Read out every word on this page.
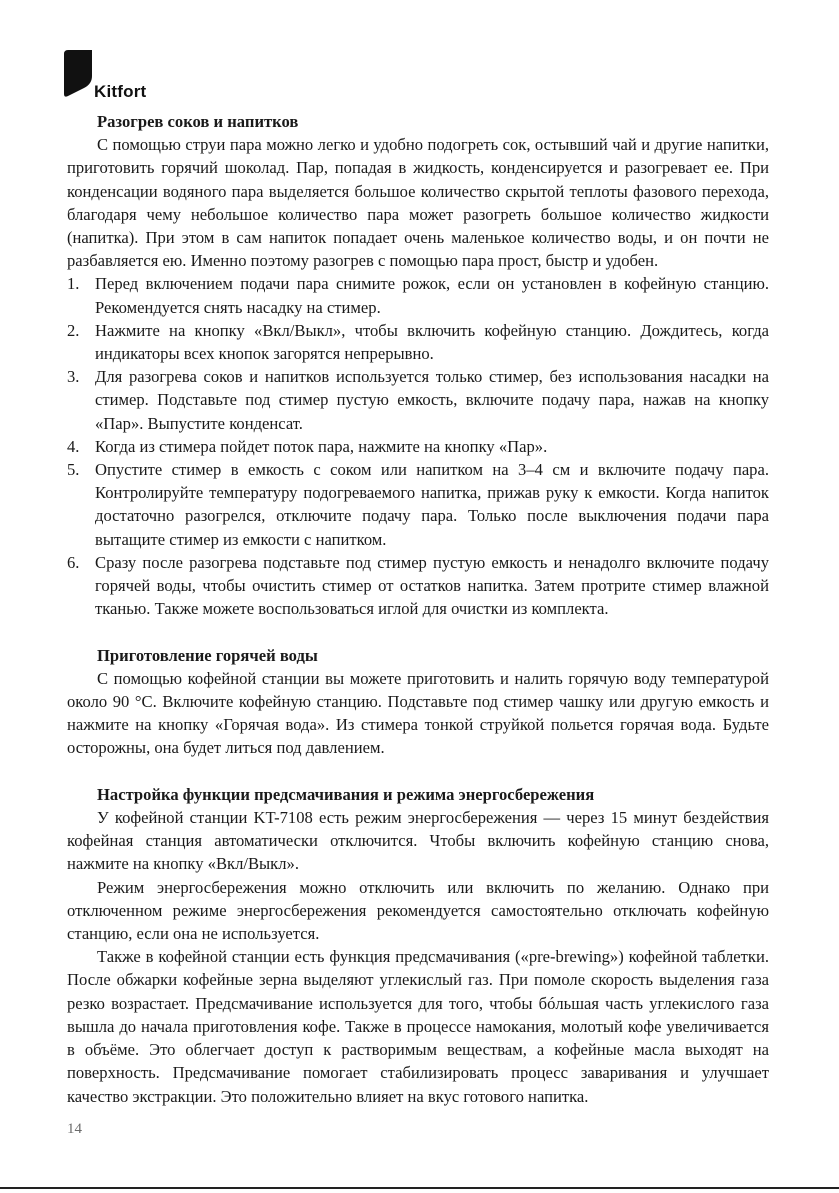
Kitfort
Разогрев соков и напитков

С помощью струи пара можно легко и удобно подогреть сок, остывший чай и другие напитки, приготовить горячий шоколад. Пар, попадая в жидкость, конденсируется и разогревает ее. При конденсации водяного пара выделяется большое количество скрытой теплоты фазового перехода, благодаря чему небольшое количество пара может разогреть большое количество жидкости (напитка). При этом в сам напиток попадает очень маленькое количество воды, и он почти не разбавляется ею. Именно поэтому разогрев с помощью пара прост, быстр и удобен.

1. Перед включением подачи пара снимите рожок, если он установлен в кофейную станцию. Рекомендуется снять насадку на стимер.
2. Нажмите на кнопку «Вкл/Выкл», чтобы включить кофейную станцию. Дождитесь, когда индикаторы всех кнопок загорятся непрерывно.
3. Для разогрева соков и напитков используется только стимер, без использования насадки на стимер. Подставьте под стимер пустую емкость, включите подачу пара, нажав на кнопку «Пар». Выпустите конденсат.
4. Когда из стимера пойдет поток пара, нажмите на кнопку «Пар».
5. Опустите стимер в емкость с соком или напитком на 3–4 см и включите подачу пара. Контролируйте температуру подогреваемого напитка, прижав руку к емкости. Когда напиток достаточно разогрелся, отключите подачу пара. Только после выключения подачи пара вытащите стимер из емкости с напитком.
6. Сразу после разогрева подставьте под стимер пустую емкость и ненадолго включите подачу горячей воды, чтобы очистить стимер от остатков напитка. Затем протрите стимер влажной тканью. Также можете воспользоваться иглой для очистки из комплекта.
Приготовление горячей воды

С помощью кофейной станции вы можете приготовить и налить горячую воду температурой около 90 °С. Включите кофейную станцию. Подставьте под стимер чашку или другую емкость и нажмите на кнопку «Горячая вода». Из стимера тонкой струйкой польется горячая вода. Будьте осторожны, она будет литься под давлением.

Настройка функции предсмачивания и режима энергосбережения

У кофейной станции KT-7108 есть режим энергосбережения — через 15 минут бездействия кофейная станция автоматически отключится. Чтобы включить кофейную станцию снова, нажмите на кнопку «Вкл/Выкл».

Режим энергосбережения можно отключить или включить по желанию. Однако при отключенном режиме энергосбережения рекомендуется самостоятельно отключать кофейную станцию, если она не используется.

Также в кофейной станции есть функция предсмачивания («pre-brewing») кофейной таблетки. После обжарки кофейные зерна выделяют углекислый газ. При помоле скорость выделения газа резко возрастает. Предсмачивание используется для того, чтобы бóльшая часть углекислого газа вышла до начала приготовления кофе. Также в процессе намокания, молотый кофе увеличивается в объёме. Это облегчает доступ к растворимым веществам, а кофейные масла выходят на поверхность. Предсмачивание помогает стабилизировать процесс заваривания и улучшает качество экстракции. Это положительно влияет на вкус готового напитка.

14
